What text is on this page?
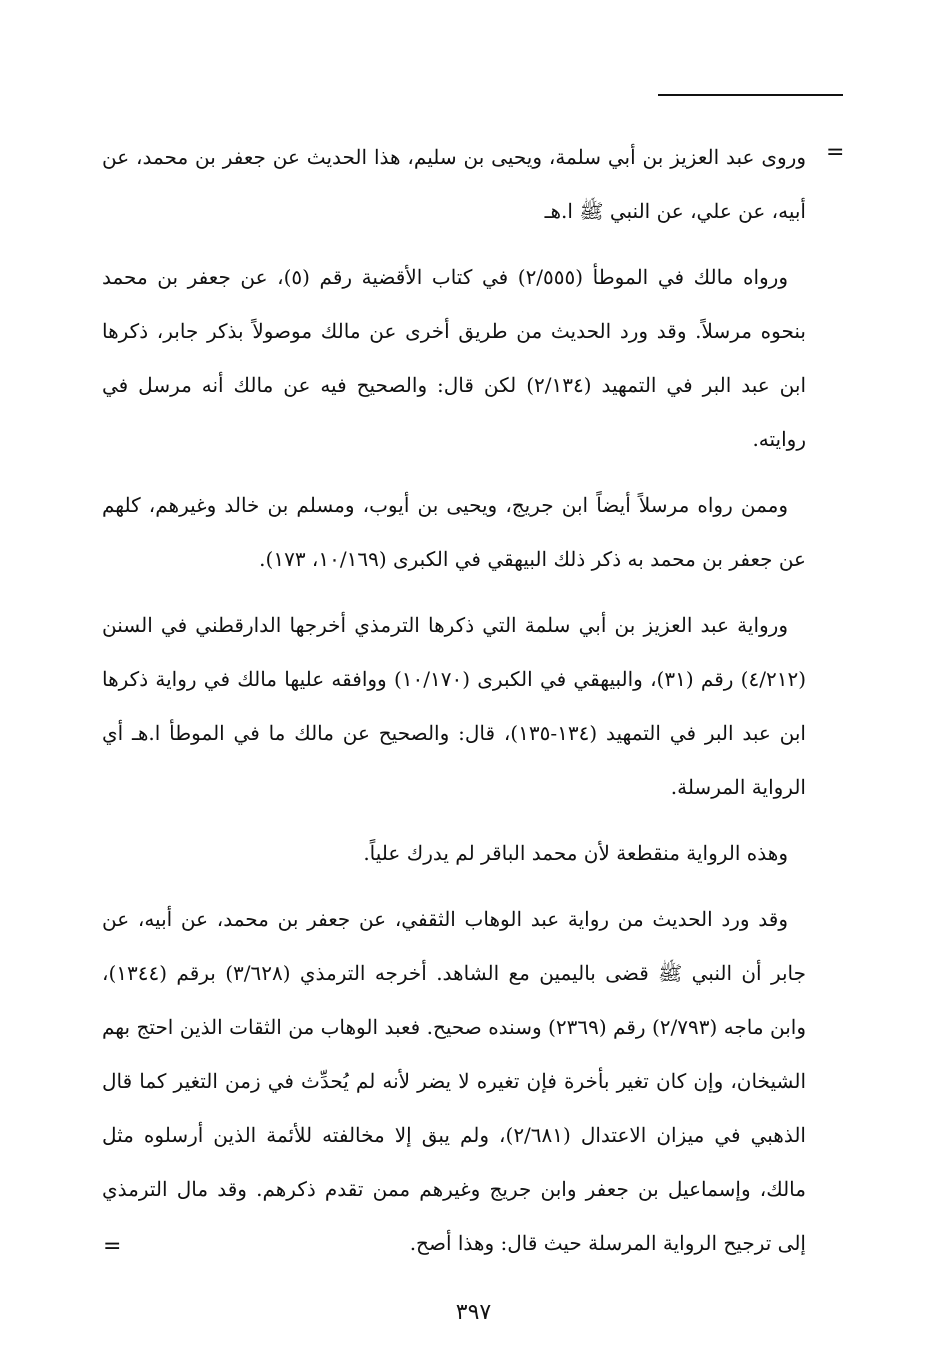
=

وروى عبد العزيز بن أبي سلمة، ويحيى بن سليم، هذا الحديث عن جعفر بن محمد، عن أبيه، عن علي، عن النبي ﷺ ا.هـ

ورواه مالك في الموطأ (٢/٥٥٥) في كتاب الأقضية رقم (٥)، عن جعفر بن محمد بنحوه مرسلاً. وقد ورد الحديث من طريق أخرى عن مالك موصولاً بذكر جابر، ذكرها ابن عبد البر في التمهيد (٢/١٣٤) لكن قال: والصحيح فيه عن مالك أنه مرسل في روايته.

وممن رواه مرسلاً أيضاً ابن جريج، ويحيى بن أيوب، ومسلم بن خالد وغيرهم، كلهم عن جعفر بن محمد به ذكر ذلك البيهقي في الكبرى (١٠/١٦٩، ١٧٣).

ورواية عبد العزيز بن أبي سلمة التي ذكرها الترمذي أخرجها الدارقطني في السنن (٤/٢١٢) رقم (٣١)، والبيهقي في الكبرى (١٠/١٧٠) ووافقه عليها مالك في رواية ذكرها ابن عبد البر في التمهيد (١٣٤-١٣٥)، قال: والصحيح عن مالك ما في الموطأ ا.هـ أي الرواية المرسلة.

وهذه الرواية منقطعة لأن محمد الباقر لم يدرك علياً.

وقد ورد الحديث من رواية عبد الوهاب الثقفي، عن جعفر بن محمد، عن أبيه، عن جابر أن النبي ﷺ قضى باليمين مع الشاهد. أخرجه الترمذي (٣/٦٢٨) برقم (١٣٤٤)، وابن ماجه (٢/٧٩٣) رقم (٢٣٦٩) وسنده صحيح. فعبد الوهاب من الثقات الذين احتج بهم الشيخان، وإن كان تغير بأخرة فإن تغيره لا يضر لأنه لم يُحدِّث في زمن التغير كما قال الذهبي في ميزان الاعتدال (٢/٦٨١)، ولم يبق إلا مخالفته للأئمة الذين أرسلوه مثل مالك، وإسماعيل بن جعفر وابن جريج وغيرهم ممن تقدم ذكرهم. وقد مال الترمذي إلى ترجيح الرواية المرسلة حيث قال: وهذا أصح.

=
٣٩٧
